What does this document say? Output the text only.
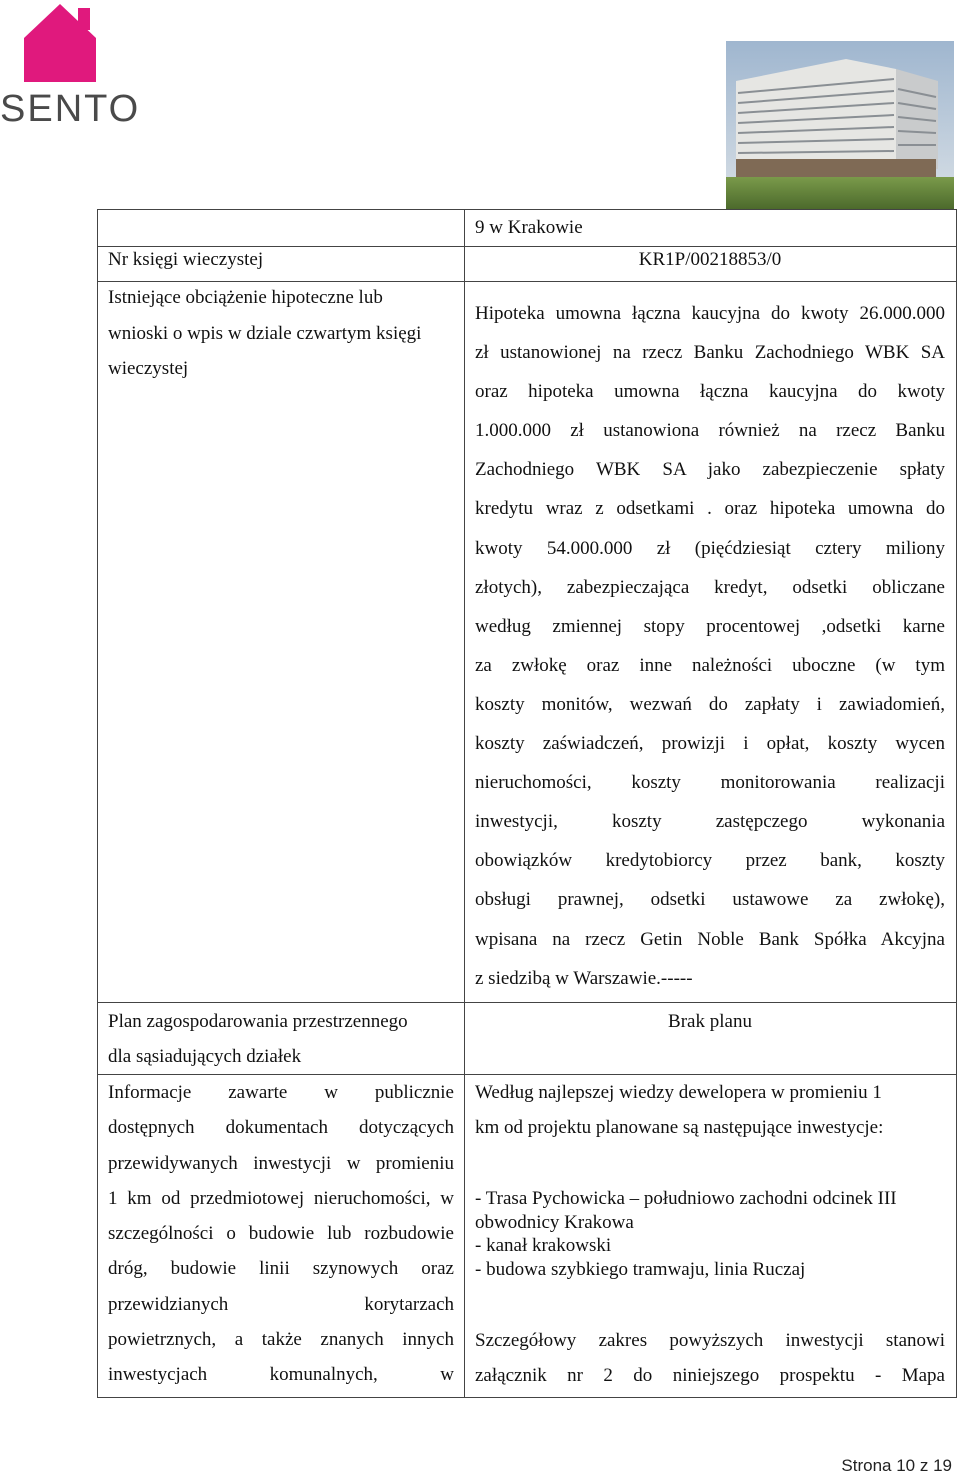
SENTO
9 w Krakowie
Nr księgi wieczystej	KR1P/00218853/0
Istniejące obciążenie hipoteczne lub
wnioski o wpis w dziale czwartym księgi
wieczystej
Hipoteka umowna łączna kaucyjna do kwoty 26.000.000
zł ustanowionej na rzecz Banku Zachodniego WBK SA
oraz hipoteka umowna łączna kaucyjna do kwoty
1.000.000 zł ustanowiona również na rzecz Banku
Zachodniego WBK SA jako zabezpieczenie spłaty
kredytu wraz z odsetkami . oraz hipoteka umowna do
kwoty 54.000.000 zł (pięćdziesiąt cztery miliony
złotych), zabezpieczająca kredyt, odsetki obliczane
według zmiennej stopy procentowej ,odsetki karne
za zwłokę oraz inne należności uboczne (w tym
koszty monitów, wezwań do zapłaty i zawiadomień,
koszty zaświadczeń, prowizji i opłat, koszty wycen
nieruchomości, koszty monitorowania realizacji
inwestycji, koszty zastępczego wykonania
obowiązków kredytobiorcy przez bank, koszty
obsługi prawnej, odsetki ustawowe za zwłokę),
wpisana na rzecz Getin Noble Bank Spółka Akcyjna
z siedzibą w Warszawie.-----
Plan zagospodarowania przestrzennego
dla sąsiadujących działek
Brak planu
Informacje zawarte w publicznie
dostępnych dokumentach dotyczących
przewidywanych inwestycji w promieniu
1 km od przedmiotowej nieruchomości, w
szczególności o budowie lub rozbudowie
dróg, budowie linii szynowych oraz
przewidzianych korytarzach
powietrznych, a także znanych innych
inwestycjach komunalnych, w
Według najlepszej wiedzy dewelopera w promieniu 1
km od projektu planowane są następujące inwestycje:
- Trasa Pychowicka – południowo zachodni odcinek III
obwodnicy Krakowa
- kanał krakowski
- budowa szybkiego tramwaju, linia Ruczaj
Szczegółowy zakres powyższych inwestycji stanowi
załącznik nr 2 do niniejszego prospektu - Mapa
Strona 10 z 19
